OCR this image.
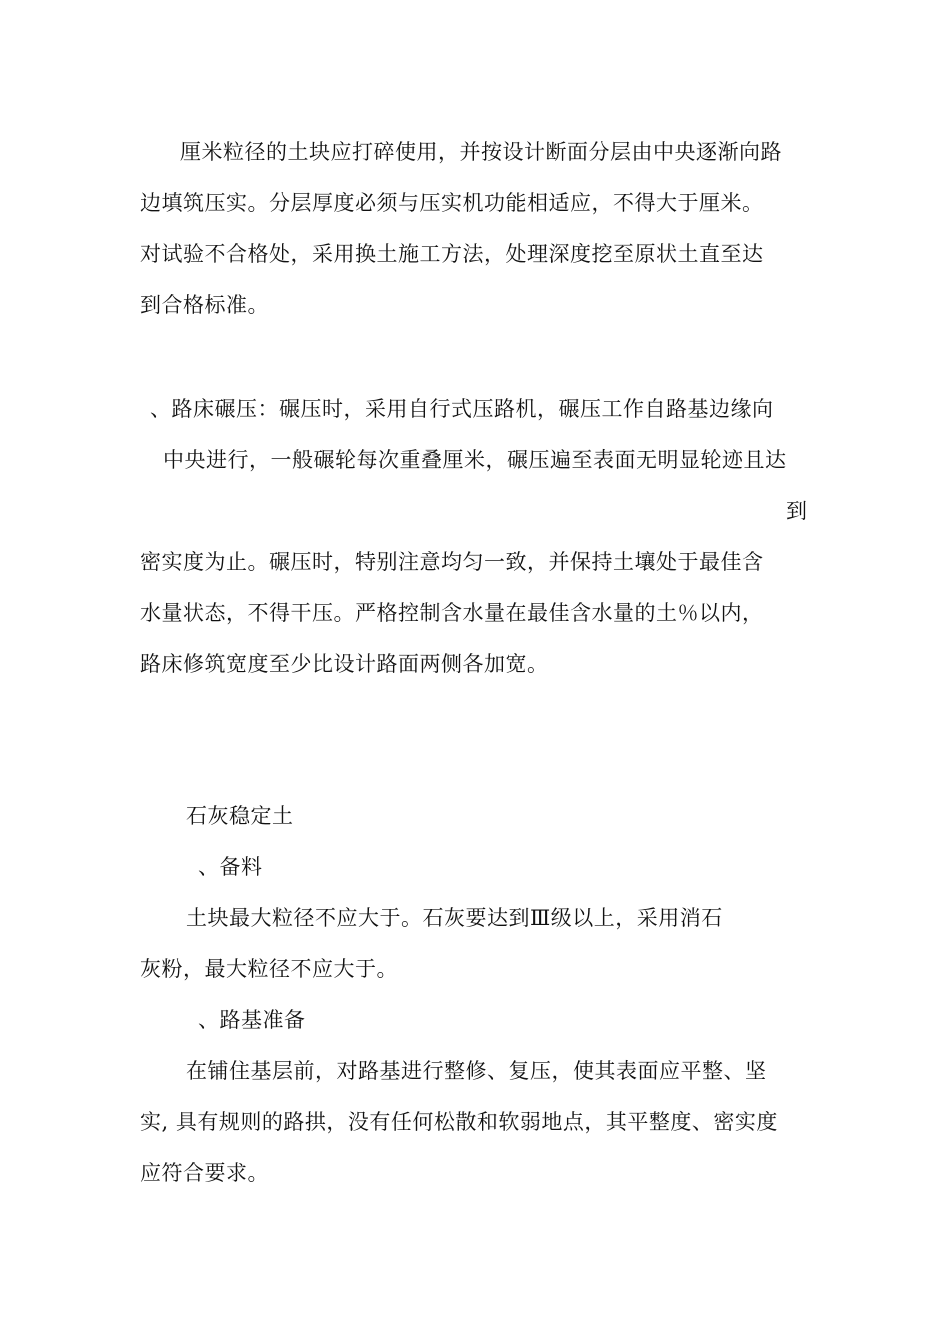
厘米粒径的土块应打碎使用，并按设计断面分层由中央逐渐向路
边填筑压实。分层厚度必须与压实机功能相适应，不得大于厘米。
对试验不合格处，采用换土施工方法，处理深度挖至原状土直至达
到合格标准。
、路床碾压：碾压时，采用自行式压路机，碾压工作自路基边缘向
中央进行，一般碾轮每次重叠厘米，碾压遍至表面无明显轮迹且达
到
密实度为止。碾压时，特别注意均匀一致，并保持土壤处于最佳含
水量状态，不得干压。严格控制含水量在最佳含水量的土％以内，
路床修筑宽度至少比设计路面两侧各加宽。
石灰稳定土
、备料
土块最大粒径不应大于。石灰要达到Ⅲ级以上，采用消石
灰粉，最大粒径不应大于。
、路基准备
在铺住基层前，对路基进行整修、复压，使其表面应平整、坚
实, 具有规则的路拱，没有任何松散和软弱地点，其平整度、密实度
应符合要求。
